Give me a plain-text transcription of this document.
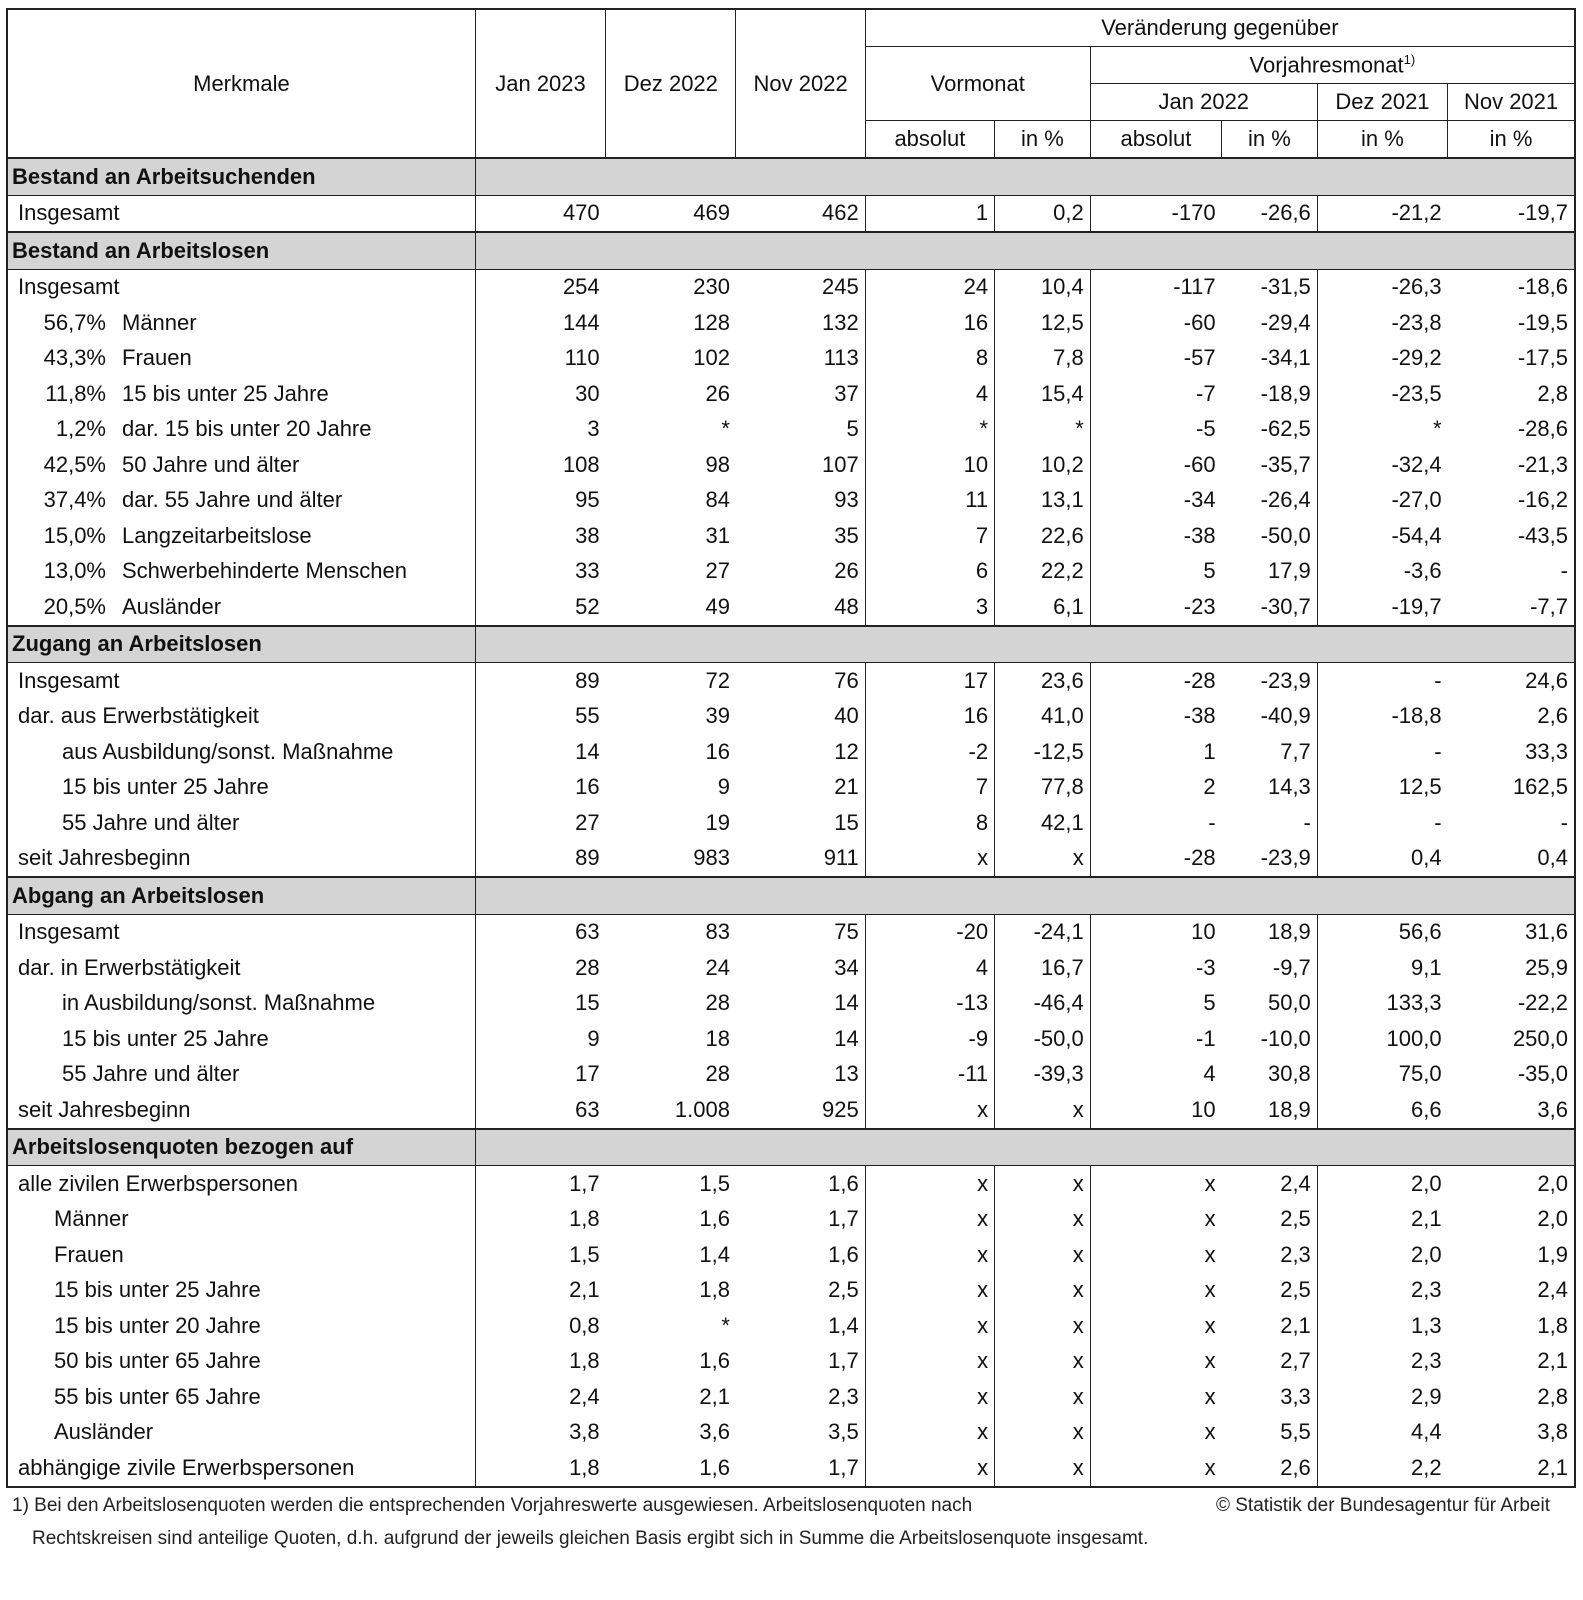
Merkmale	Jan 2023	Dez 2022	Nov 2022	Veränderung gegenüber					
				Vormonat		Vorjahresmonat$^{1)}$
						Jan 2022		Dez 2021	Nov 2021
				absolut	in %	absolut	in %	in %	in %
Bestand an Arbeitsuchenden									
Insgesamt	470	469	462	1	0,2	-170	-26,6	-21,2	-19,7
Bestand an Arbeitslosen									
Insgesamt	254	230	245	24	10,4	-117	-31,5	-26,3	-18,6
56,7% Männer	144	128	132	16	12,5	-60	-29,4	-23,8	-19,5
43,3% Frauen	110	102	113	8	7,8	-57	-34,1	-29,2	-17,5
11,8% 15 bis unter 25 Jahre	30	26	37	4	15,4	-7	-18,9	-23,5	2,8
1,2% dar. 15 bis unter 20 Jahre	3	*	5	*	*	-5	-62,5	*	-28,6
42,5% 50 Jahre und älter	108	98	107	10	10,2	-60	-35,7	-32,4	-21,3
37,4% dar. 55 Jahre und älter	95	84	93	11	13,1	-34	-26,4	-27,0	-16,2
15,0% Langzeitarbeitslose	38	31	35	7	22,6	-38	-50,0	-54,4	-43,5
13,0% Schwerbehinderte Menschen	33	27	26	6	22,2	5	17,9	-3,6	-
20,5% Ausländer	52	49	48	3	6,1	-23	-30,7	-19,7	-7,7
Zugang an Arbeitslosen									
Insgesamt	89	72	76	17	23,6	-28	-23,9	-	24,6
dar. aus Erwerbstätigkeit	55	39	40	16	41,0	-38	-40,9	-18,8	2,6
aus Ausbildung/sonst. Maßnahme	14	16	12	-2	-12,5	1	7,7	-	33,3
15 bis unter 25 Jahre	16	9	21	7	77,8	2	14,3	12,5	162,5
55 Jahre und älter	27	19	15	8	42,1	-	-	-	-
seit Jahresbeginn	89	983	911	x	x	-28	-23,9	0,4	0,4
Abgang an Arbeitslosen									
Insgesamt	63	83	75	-20	-24,1	10	18,9	56,6	31,6
dar. in Erwerbstätigkeit	28	24	34	4	16,7	-3	-9,7	9,1	25,9
in Ausbildung/sonst. Maßnahme	15	28	14	-13	-46,4	5	50,0	133,3	-22,2
15 bis unter 25 Jahre	9	18	14	-9	-50,0	-1	-10,0	100,0	250,0
55 Jahre und älter	17	28	13	-11	-39,3	4	30,8	75,0	-35,0
seit Jahresbeginn	63	1.008	925	x	x	10	18,9	6,6	3,6
Arbeitslosenquoten bezogen auf									
alle zivilen Erwerbspersonen	1,7	1,5	1,6	x	x	x	2,4	2,0	2,0
Männer	1,8	1,6	1,7	x	x	x	2,5	2,1	2,0
Frauen	1,5	1,4	1,6	x	x	x	2,3	2,0	1,9
15 bis unter 25 Jahre	2,1	1,8	2,5	x	x	x	2,5	2,3	2,4
15 bis unter 20 Jahre	0,8	*	1,4	x	x	x	2,1	1,3	1,8
50 bis unter 65 Jahre	1,8	1,6	1,7	x	x	x	2,7	2,3	2,1
55 bis unter 65 Jahre	2,4	2,1	2,3	x	x	x	3,3	2,9	2,8
Ausländer	3,8	3,6	3,5	x	x	x	5,5	4,4	3,8
abhängige zivile Erwerbspersonen	1,8	1,6	1,7	x	x	x	2,6	2,2	2,1
1) Bei den Arbeitslosenquoten werden die entsprechenden Vorjahreswerte ausgewiesen. Arbeitslosenquoten nach
Rechtskreisen sind anteilige Quoten, d.h. aufgrund der jeweils gleichen Basis ergibt sich in Summe die Arbeitslosenquote insgesamt.
© Statistik der Bundesagentur für Arbeit
